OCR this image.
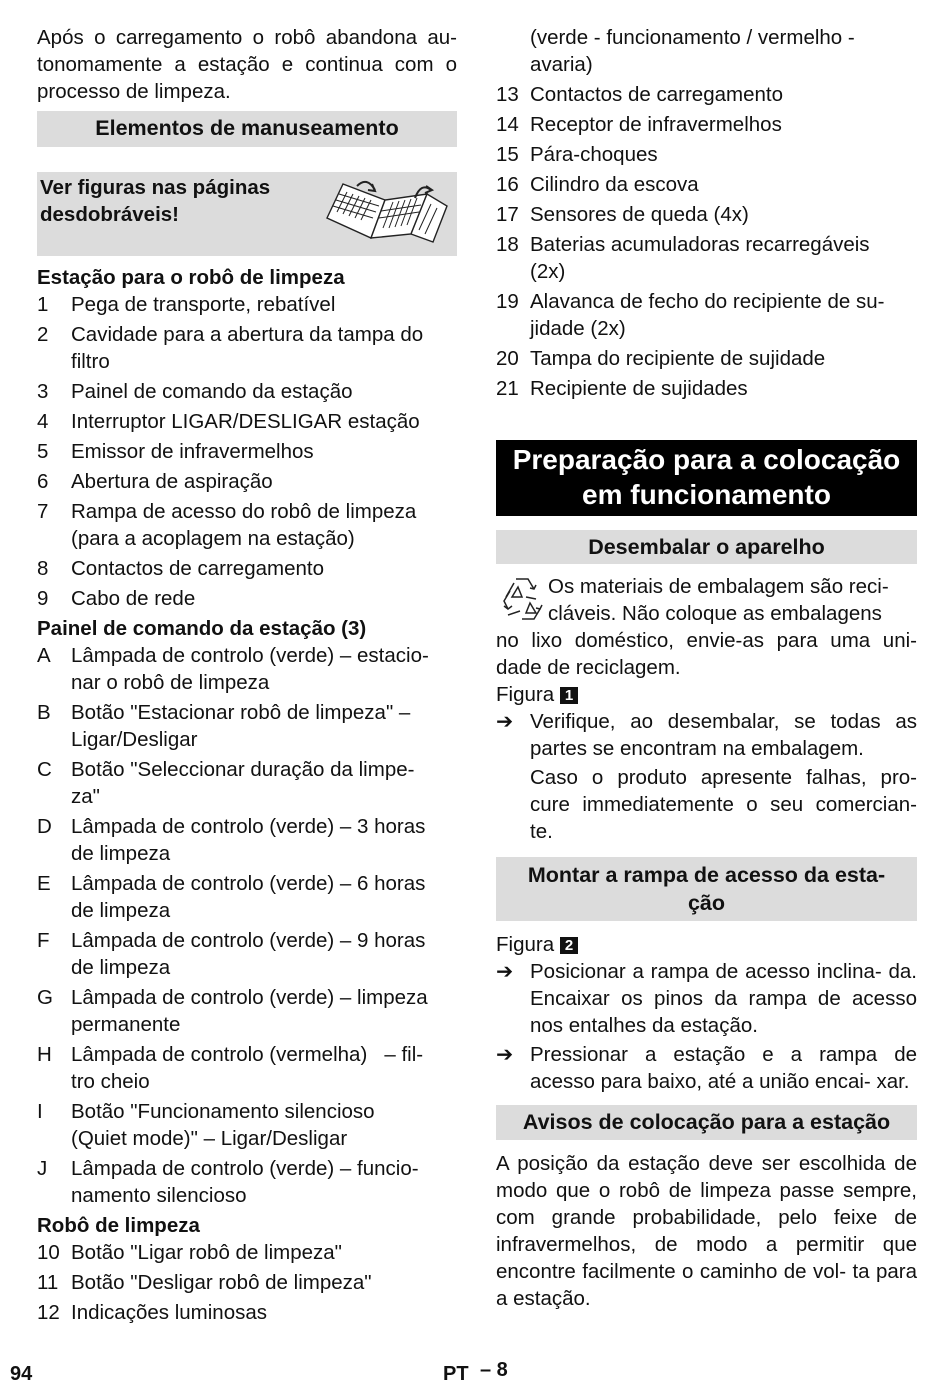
Após o carregamento o robô abandona au- tonomamente a estação e continua com o processo de limpeza.

Elementos de manuseamento
Ver figuras nas páginas
desdobráveis!
Estação para o robô de limpeza
1	Pega de transporte, rebatível
2	Cavidade para a abertura da tampa do
filtro
3	Painel de comando da estação
4	Interruptor LIGAR/DESLIGAR estação
5	Emissor de infravermelhos
6	Abertura de aspiração
7	Rampa de acesso do robô de limpeza
(para a acoplagem na estação)
8	Contactos de carregamento
9	Cabo de rede
Painel de comando da estação (3)
A Lâmpada de controlo (verde) – estacio-
nar o robô de limpeza
B Botão "Estacionar robô de limpeza" –
Ligar/Desligar
C Botão "Seleccionar duração da limpe-
za"
D Lâmpada de controlo (verde) – 3 horas
de limpeza
E Lâmpada de controlo (verde) – 6 horas
de limpeza
F	Lâmpada de controlo (verde) – 9 horas
de limpeza
G Lâmpada de controlo (verde) – limpeza
permanente
H Lâmpada de controlo (vermelha)   – fil-
tro cheio
I	Botão "Funcionamento silencioso
(Quiet mode)" – Ligar/Desligar
J	Lâmpada de controlo (verde) – funcio-
namento silencioso
Robô de limpeza
10 Botão "Ligar robô de limpeza"
11 Botão "Desligar robô de limpeza"
12 Indicações luminosas
(verde - funcionamento / vermelho -
avaria)
13 Contactos de carregamento
14 Receptor de infravermelhos
15 Pára-choques
16 Cilindro da escova
17 Sensores de queda (4x)
18 Baterias acumuladoras recarregáveis
(2x)
19 Alavanca de fecho do recipiente de su-
jidade (2x)
20 Tampa do recipiente de sujidade
21 Recipiente de sujidades
Preparação para a colocação
em funcionamento
Desembalar o aparelho
Os materiais de embalagem são reci-
cláveis. Não coloque as embalagens

no lixo doméstico, envie-as para uma uni- dade de reciclagem.

Figura 1
➔ Verifique, ao desembalar, se todas as partes se encontram na embalagem.

Caso o produto apresente falhas, pro- cure immediatemente o seu comercian- te.

Montar a rampa de acesso da esta-
ção
Figura 2
➔ Posicionar a rampa de acesso inclina- da. Encaixar os pinos da rampa de acesso nos entalhes da estação.
➔ Pressionar a estação e a rampa de acesso para baixo, até a união encai- xar.
Avisos de colocação para a estação

A posição da estação deve ser escolhida de modo que o robô de limpeza passe sempre, com grande probabilidade, pelo feixe de infravermelhos, de modo a permitir que encontre facilmente o caminho de vol- ta para a estação.

94	PT – 8
